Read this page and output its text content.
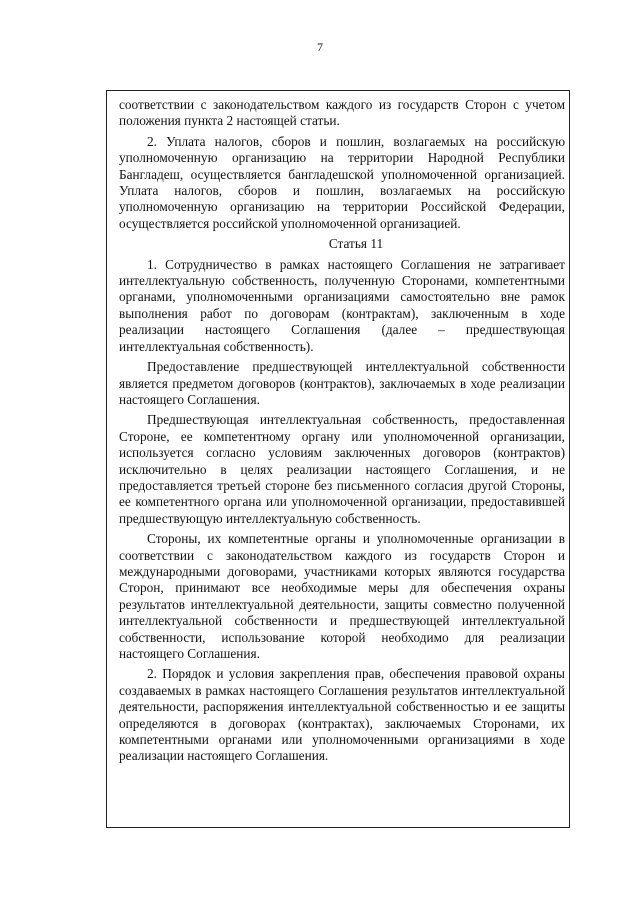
7

соответствии с законодательством каждого из государств Сторон с учетом положения пункта 2 настоящей статьи.

2. Уплата налогов, сборов и пошлин, возлагаемых на российскую уполномоченную организацию на территории Народной Республики Бангладеш, осуществляется бангладешской уполномоченной организацией. Уплата налогов, сборов и пошлин, возлагаемых на российскую уполномоченную организацию на территории Российской Федерации, осуществляется российской уполномоченной организацией.

Статья 11

1. Сотрудничество в рамках настоящего Соглашения не затрагивает интеллектуальную собственность, полученную Сторонами, компетентными органами, уполномоченными организациями самостоятельно вне рамок выполнения работ по договорам (контрактам), заключенным в ходе реализации настоящего Соглашения (далее – предшествующая интеллектуальная собственность).

Предоставление предшествующей интеллектуальной собственности является предметом договоров (контрактов), заключаемых в ходе реализации настоящего Соглашения.

Предшествующая интеллектуальная собственность, предоставленная Стороне, ее компетентному органу или уполномоченной организации, используется согласно условиям заключенных договоров (контрактов) исключительно в целях реализации настоящего Соглашения, и не предоставляется третьей стороне без письменного согласия другой Стороны, ее компетентного органа или уполномоченной организации, предоставившей предшествующую интеллектуальную собственность.

Стороны, их компетентные органы и уполномоченные организации в соответствии с законодательством каждого из государств Сторон и международными договорами, участниками которых являются государства Сторон, принимают все необходимые меры для обеспечения охраны результатов интеллектуальной деятельности, защиты совместно полученной интеллектуальной собственности и предшествующей интеллектуальной собственности, использование которой необходимо для реализации настоящего Соглашения.

2. Порядок и условия закрепления прав, обеспечения правовой охраны создаваемых в рамках настоящего Соглашения результатов интеллектуальной деятельности, распоряжения интеллектуальной собственностью и ее защиты определяются в договорах (контрактах), заключаемых Сторонами, их компетентными органами или уполномоченными организациями в ходе реализации настоящего Соглашения.
